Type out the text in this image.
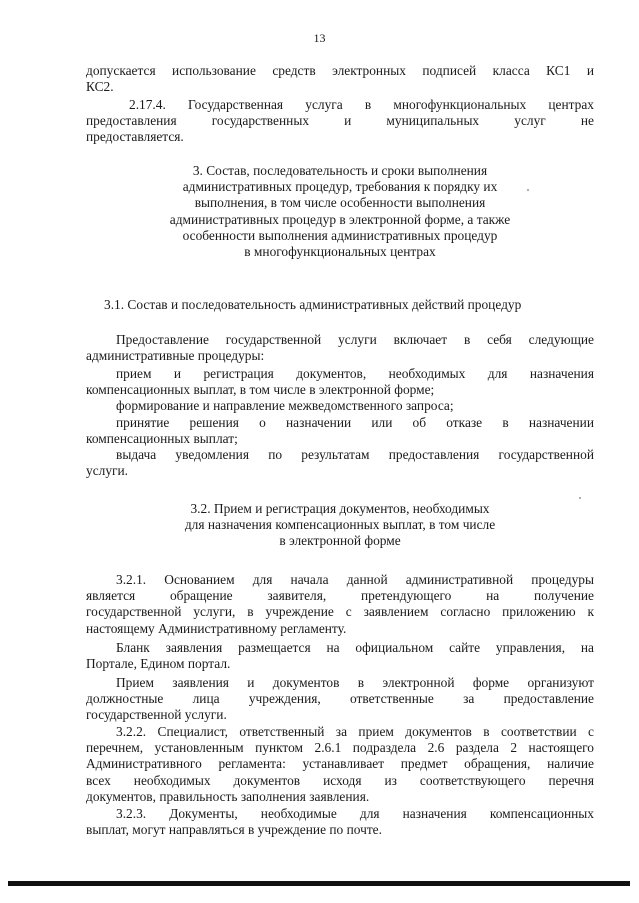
13
допускается использование средств электронных подписей класса КС1 и
КС2.
2.17.4. Государственная услуга в многофункциональных центрах
предоставления государственных и муниципальных услуг не
предоставляется.
3. Состав, последовательность и сроки выполнения
административных процедур, требования к порядку их
выполнения, в том числе особенности выполнения
административных процедур в электронной форме, а также
особенности выполнения административных процедур
в многофункциональных центрах
3.1. Состав и последовательность административных действий процедур
Предоставление государственной услуги включает в себя следующие
административные процедуры:
прием и регистрация документов, необходимых для назначения
компенсационных выплат, в том числе в электронной форме;
формирование и направление межведомственного запроса;
принятие решения о назначении или об отказе в назначении
компенсационных выплат;
выдача уведомления по результатам предоставления государственной
услуги.
3.2. Прием и регистрация документов, необходимых
для назначения компенсационных выплат, в том числе
в электронной форме
3.2.1. Основанием для начала данной административной процедуры
является обращение заявителя, претендующего на получение
государственной услуги, в учреждение с заявлением согласно приложению к
настоящему Административному регламенту.
Бланк заявления размещается на официальном сайте управления, на
Портале, Едином портал.
Прием заявления и документов в электронной форме организуют
должностные лица учреждения, ответственные за предоставление
государственной услуги.
3.2.2. Специалист, ответственный за прием документов в соответствии с
перечнем, установленным пунктом 2.6.1 подраздела 2.6 раздела 2 настоящего
Административного регламента: устанавливает предмет обращения, наличие
всех необходимых документов исходя из соответствующего перечня
документов, правильность заполнения заявления.
3.2.3. Документы, необходимые для назначения компенсационных
выплат, могут направляться в учреждение по почте.
